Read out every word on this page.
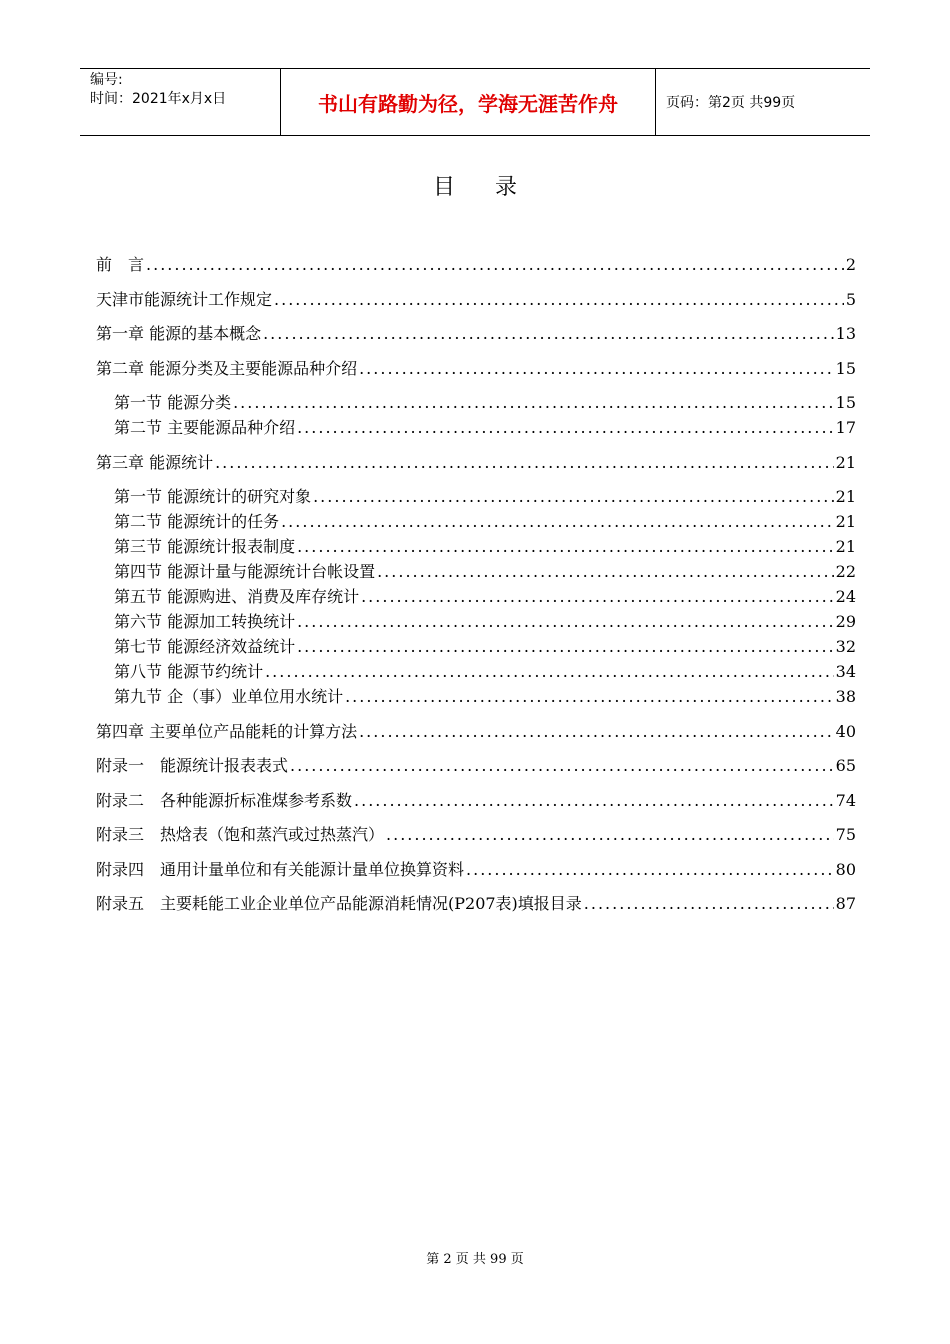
编号:
时间：2021年x月x日	书山有路勤为径，学海无涯苦作舟	页码：第2页 共99页
目录
前　言 .....	2
天津市能源统计工作规定 .....	5
第一章 能源的基本概念 .....	13
第二章 能源分类及主要能源品种介绍 .....	15
第一节 能源分类 .....	15
第二节 主要能源品种介绍 .....	17
第三章 能源统计 .....	21
第一节 能源统计的研究对象 .....	21
第二节 能源统计的任务 .....	21
第三节 能源统计报表制度 .....	21
第四节 能源计量与能源统计台帐设置 .....	22
第五节 能源购进、消费及库存统计 .....	24
第六节 能源加工转换统计 .....	29
第七节 能源经济效益统计 .....	32
第八节 能源节约统计 .....	34
第九节 企（事）业单位用水统计 .....	38
第四章 主要单位产品能耗的计算方法 .....	40
附录一　能源统计报表表式 .....	65
附录二　各种能源折标准煤参考系数 .....	74
附录三　热焓表（饱和蒸汽或过热蒸汽） .....	75
附录四　通用计量单位和有关能源计量单位换算资料 .....	80
附录五　主要耗能工业企业单位产品能源消耗情况(P207表)填报目录 .....	87
第 2 页 共 99 页
